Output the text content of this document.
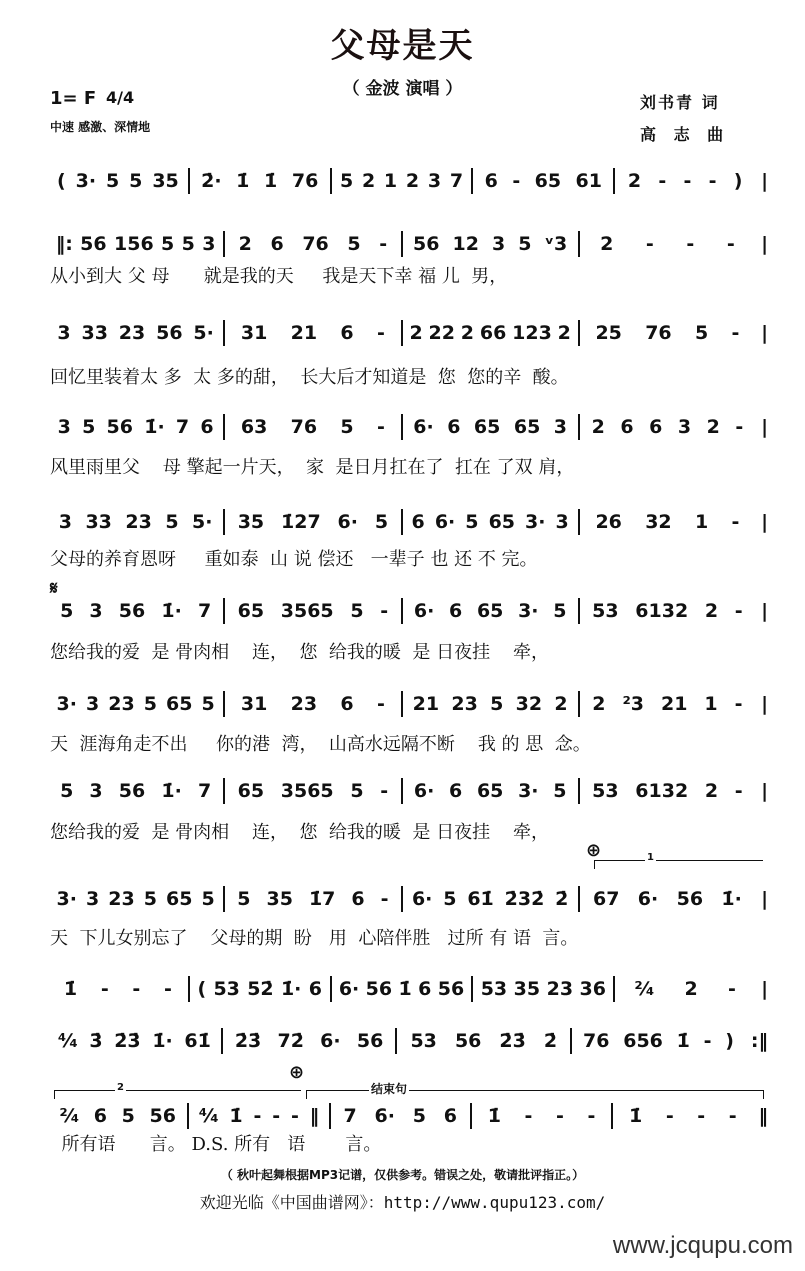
父母是天
（ 金波 演唱 ）
1= F 4/4
中速 感激、深情地
刘书青 词
高 志 曲
( 3· 5 5 35 2̇· 1̇ 1̇ 76 5 2 1 2 3 7 6 - 65 61 2 - - - ) |
‖: 56 156 5 5 3 2 6 76 5 - 56 12 3 5 ᵛ3 2 - - - |
从小到大 父 母      就是我的天     我是天下幸 福 儿  男，
3 33 23 56 5· 31 21 6 - 2 22 2 66 123 2 25 76 5 - |
回忆里装着太 多  太 多的甜，  长大后才知道是  您  您的辛  酸。
3 5 56 1̇· 7 6 63 76 5 - 6· 6 65 65 3 2 6 6 3 2 - |
风里雨里父    母 擎起一片天，  家  是日月扛在了  扛在 了双 肩，
3 33 23 5 5· 35 1̇27 6· 5 6 6· 5 65 3· 3 26 32 1 - |
父母的养育恩呀     重如泰  山 说 偿还   一辈子 也 还 不 完。
5 3 56 1̇· 7 65 3565 5 - 6· 6 65 3· 5 53 6132 2 - |
您给我的爱  是 骨肉相    连，  您  给我的暖  是 日夜挂    牵，
3· 3 23 5 65 5 31 23 6 - 21 23 5 32 2 2 ²3 21 1 - |
天  涯海角走不出     你的港  湾，  山高水远隔不断    我 的 思  念。
5 3 56 1̇· 7 65 3565 5 - 6· 6 65 3· 5 53 6132 2 - |
您给我的爱  是 骨肉相    连，  您  给我的暖  是 日夜挂    牵，
3· 3 23 5 65 5 5 35 1̇7 6 - 6· 5 61̇ 2̇32̇ 2̇ 67 6· 56 1̇· |
天  下儿女别忘了    父母的期  盼   用  心陪伴胜   过所 有 语  言。
1̇ - - - ( 53 52̇ 1̇· 6 6· 56 1̇ 6 56 53 35 23 36 ²⁄₄ 2 - |
⁴⁄₄ 3̇ 2̇3̇ 1̇· 61̇ 2̇3̇ 72̇ 6· 56 53 56 2̇3̇ 2̇ 76 656 1̇ - ) :‖
²⁄₄ 6 5 56 ⁴⁄₄ 1̇ - - - ‖ 7 6· 5 6 1̇ - - - 1̇ - - - ‖
所有语      言。 D.S. 所有   语       言。
𝄋
⊕	1
⊕
2	结束句
（ 秋叶起舞根据MP3记谱，仅供参考。错误之处，敬请批评指正。）
欢迎光临《中国曲谱网》：http://www.qupu123.com/
www.jcqupu.com
